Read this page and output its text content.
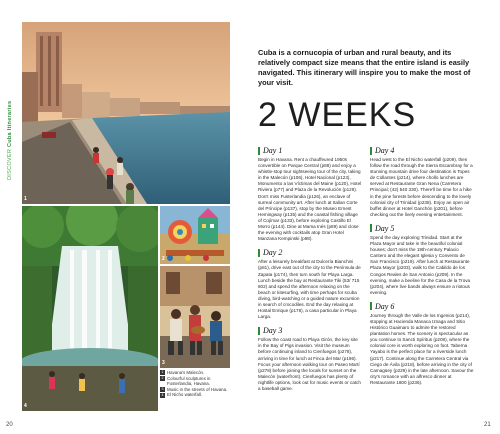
DISCOVER Cuba Itineraries
1
2
3
4
1 Havana's Malecón.
2 Colourful sculptures in Fusterlandia, Havana.
3 Music in the streets of Havana.
4 El Nicho waterfall.
20	21

Cuba is a cornucopia of urban and rural beauty, and its relatively compact size means that the entire island is easily navigated. This itinerary will inspire you to make the most of your visit.

2 WEEKS
Day 1

Begin in Havana. Rent a chauffeured 1950s convertible on Parque Central (p88) and enjoy a whistle-stop tour sightseeing tour of the city, taking in the Malecón (p106), Hotel Nacional (p123), Monumento a las Víctimas del Maine (p120), Hotel Riviera (p77) and Plaza de la Revolución (p129). Don't miss Fusterlandia (p126), an enclave of surreal community art. After lunch at Italian Corte del Príncipe (p137), stop by the Museo Ernest Hemingway (p135) and the coastal fishing village of Cojímar (p133), before exploring Castillo El Morro (p144). Dine at Mama Inés (p89) and close the evening with cocktails atop Gran Hotel Manzana Kempinski (p98).

Day 2

After a leisurely breakfast at Dulcería Bianchini (p81), drive east out of the city to the Península de Zapata (p174), then turn south for Playa Larga. Lunch beside the bay at Restaurante Tiki (53/ 715 802) and spend the afternoon relaxing on the beach or kitesurfing, with time perhaps for scuba diving, bird-watching or a guided nature excursion in search of crocodiles. End the day relaxing at Hostal Enrique (p178), a casa particular in Playa Larga.

Day 3

Follow the coast road to Playa Girón, the key site in the Bay of Pigs invasion. Visit the museum before continuing inland to Cienfuegos (p278), arriving in time for lunch at Finca del Mar (p196). Focus your afternoon walking tour on Paseo Martí (p278) before joining the locals for sunset on the Malecón (waterfront). Cienfuegos has plenty of nightlife options, look out for music events or catch a baseball game.

Day 4

Head west to the El Nicho waterfall (p209), then follow the road through the Sierra Escambray for a stunning mountain drive four destination is Topes de Collantes (p214), where chollo lunches are served at Restaurante Gran Nena (Carretera Principal; (42) 540 330). There'll be time for a hike in the pine forests before descending to the lovely colonial city of Trinidad (p238). Enjoy an open air buffet dinner at Hotel Ganchón (p201), before checking out the lively evening entertainment.

Day 5

Spend the day exploring Trinidad. Start at the Plaza Mayor and take in the beautiful colonial houses; don't miss the 19th-century Palacio Cantero and the elegant Iglesia y Convento de San Francisco (p219). After lunch at Restaurante Plaza Mayor (p203), walk to the Cabildo de los Congos Reales de San Antonio (p209). In the evening, make a beeline for the Casa de la Trova (p204), where live bands always ensure a riotous evening.

Day 6

Journey through the Valle de los Ingenios (p214), stopping at Hacienda Manaca Iznaga and Sitio Histórico Guaimaro to admire the restored plantation homes. The scenery is spectacular as you continue to Sancti Spíritus (p208), where the colonial core is worth exploring on foot. Taberna Yayabo is the perfect place for a riverside lunch (p217). Continue along the Carretera Central via Ciego de Ávila (p218), before arriving in the city of Camagüey (p229) in the late afternoon. Savour the city's romance with an alfresco dinner at Restaurante 1800 (p236).
